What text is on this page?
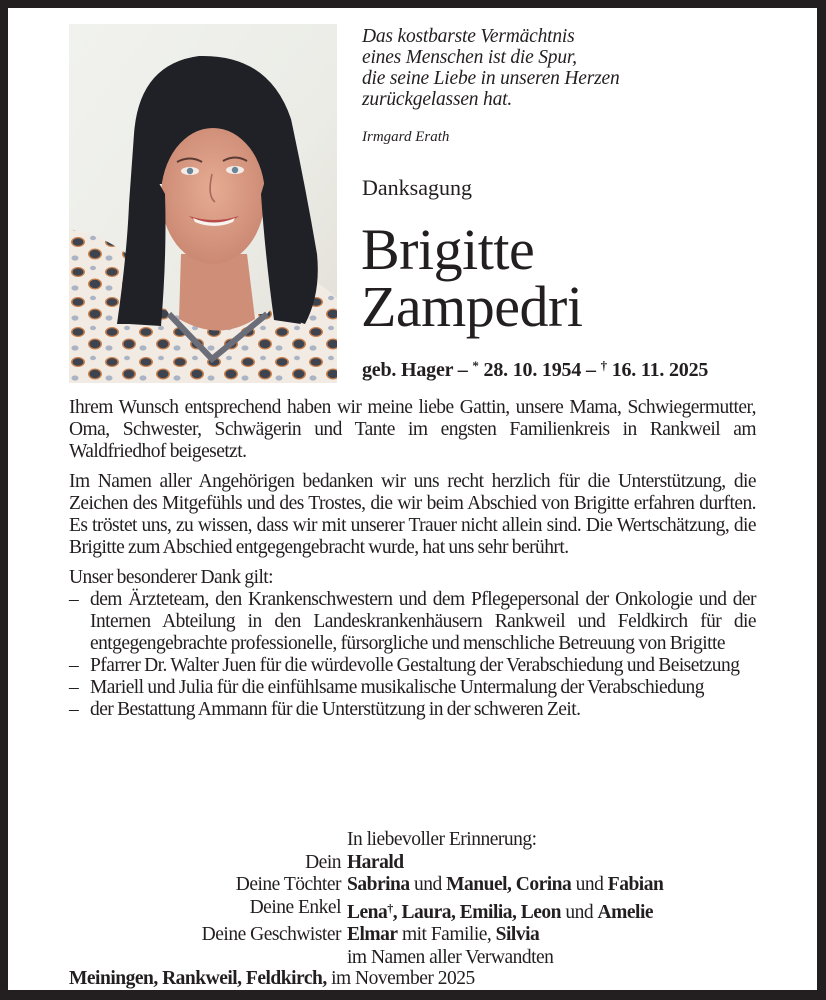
Das kostbarste Vermächtnis
eines Menschen ist die Spur,
die seine Liebe in unseren Herzen
zurückgelassen hat.
Irmgard Erath
Danksagung
Brigitte
Zampedri
geb. Hager – * 28. 10. 1954 – † 16. 11. 2025

Ihrem Wunsch entsprechend haben wir meine liebe Gattin, unsere Mama, Schwiegermutter, Oma, Schwester, Schwägerin und Tante im engsten Familienkreis in Rankweil am Waldfriedhof beigesetzt.

Im Namen aller Angehörigen bedanken wir uns recht herzlich für die Unterstützung, die Zeichen des Mitgefühls und des Trostes, die wir beim Abschied von Brigitte erfahren durften. Es tröstet uns, zu wissen, dass wir mit unserer Trauer nicht allein sind. Die Wertschätzung, die Brigitte zum Abschied entgegengebracht wurde, hat uns sehr berührt.

Unser besonderer Dank gilt:
– dem Ärzteteam, den Krankenschwestern und dem Pflegepersonal der Onkologie und der Internen Abteilung in den Landeskrankenhäusern Rankweil und Feldkirch für die entgegengebrachte professionelle, fürsorgliche und menschliche Betreuung von Brigitte
– Pfarrer Dr. Walter Juen für die würdevolle Gestaltung der Verabschiedung und Beisetzung
– Mariell und Julia für die einfühlsame musikalische Untermalung der Verabschiedung
– der Bestattung Ammann für die Unterstützung in der schweren Zeit.
In liebevoller Erinnerung:
Dein Harald
Deine Töchter Sabrina und Manuel, Corina und Fabian
Deine Enkel Lena†, Laura, Emilia, Leon und Amelie
Deine Geschwister Elmar mit Familie, Silvia
im Namen aller Verwandten
Meiningen, Rankweil, Feldkirch, im November 2025
